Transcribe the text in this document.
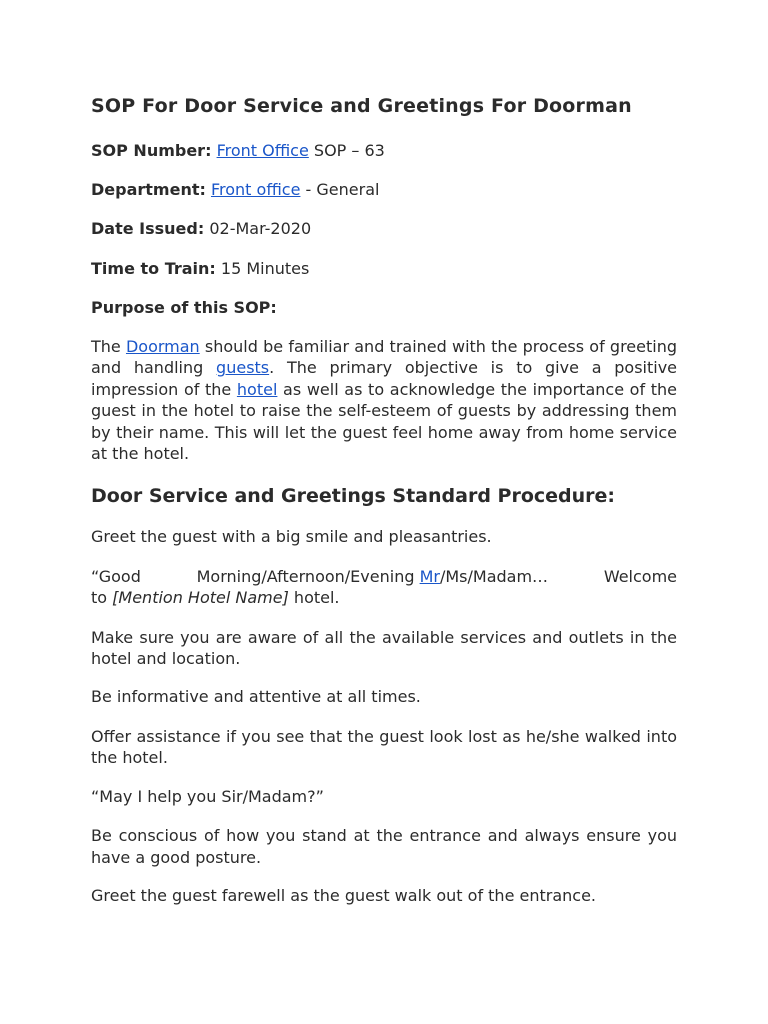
SOP For Door Service and Greetings For Doorman

SOP Number: Front Office SOP – 63

Department: Front office - General

Date Issued: 02-Mar-2020

Time to Train: 15 Minutes

Purpose of this SOP:

The Doorman should be familiar and trained with the process of greeting and handling guests. The primary objective is to give a positive impression of the hotel as well as to acknowledge the importance of the guest in the hotel to raise the self-esteem of guests by addressing them by their name. This will let the guest feel home away from home service at the hotel.

Door Service and Greetings Standard Procedure:

Greet the guest with a big smile and pleasantries.

“Good	Morning/Afternoon/Evening Mr/Ms/Madam…	Welcome
to [Mention Hotel Name] hotel.

Make sure you are aware of all the available services and outlets in the hotel and location.

Be informative and attentive at all times.

Offer assistance if you see that the guest look lost as he/she walked into the hotel.

“May I help you Sir/Madam?”

Be conscious of how you stand at the entrance and always ensure you have a good posture.

Greet the guest farewell as the guest walk out of the entrance.
